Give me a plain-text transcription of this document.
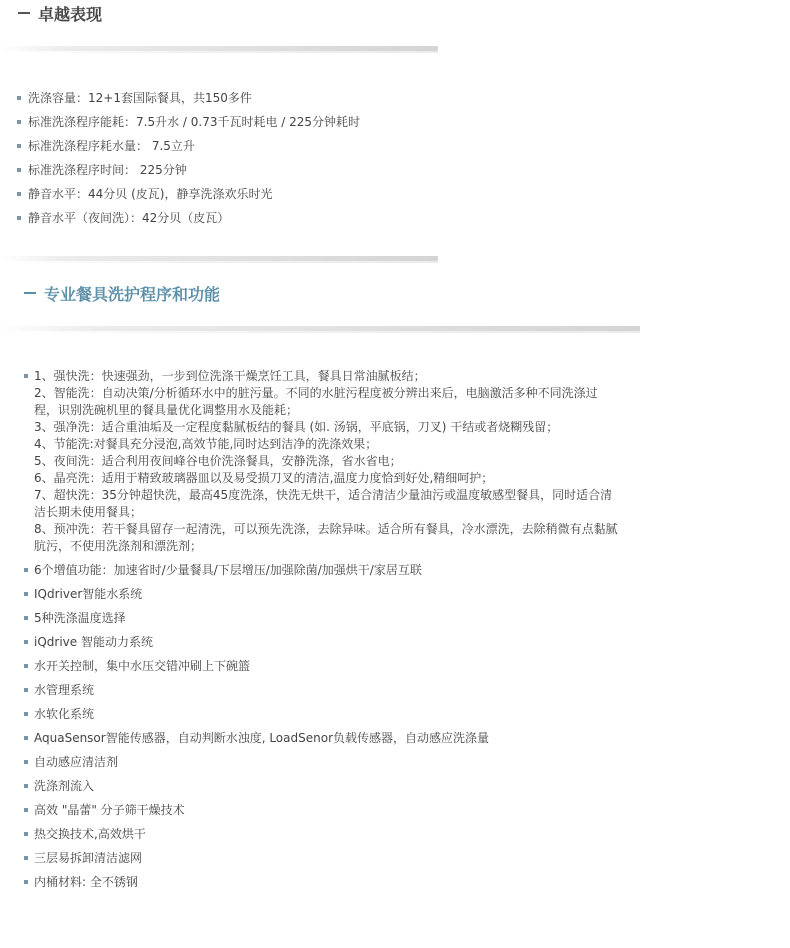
卓越表现
洗涤容量：12+1套国际餐具，共150多件
标准洗涤程序能耗：7.5升水 / 0.73千瓦时耗电 / 225分钟耗时
标准洗涤程序耗水量： 7.5立升
标准洗涤程序时间： 225分钟
静音水平：44分贝 (皮瓦)，静享洗涤欢乐时光
静音水平（夜间洗）：42分贝（皮瓦）
专业餐具洗护程序和功能
1、强快洗：快速强劲，一步到位洗涤干燥烹饪工具，餐具日常油腻板结；
2、智能洗：自动决策/分析循环水中的脏污量。不同的水脏污程度被分辨出来后，电脑激活多种不同洗涤过程，识别洗碗机里的餐具量优化调整用水及能耗；
3、强净洗：适合重油垢及一定程度黏腻板结的餐具 (如. 汤锅，平底锅，刀叉) 干结或者烧糊残留；
4、节能洗:对餐具充分浸泡,高效节能,同时达到洁净的洗涤效果；
5、夜间洗：适合利用夜间峰谷电价洗涤餐具，安静洗涤，省水省电；
6、晶亮洗：适用于精致玻璃器皿以及易受损刀叉的清洁,温度力度恰到好处,精细呵护；
7、超快洗：35分钟超快洗，最高45度洗涤，快洗无烘干，适合清洁少量油污或温度敏感型餐具，同时适合清洁长期未使用餐具；
8、预冲洗：若干餐具留存一起清洗，可以预先洗涤，去除异味。适合所有餐具，冷水漂洗，去除稍微有点黏腻肮污，不使用洗涤剂和漂洗剂；
6个增值功能：加速省时/少量餐具/下层增压/加强除菌/加强烘干/家居互联
IQdriver智能水系统
5种洗涤温度选择
iQdrive 智能动力系统
水开关控制，集中水压交错冲刷上下碗篮
水管理系统
水软化系统
AquaSensor智能传感器，自动判断水浊度, LoadSenor负载传感器，自动感应洗涤量
自动感应清洁剂
洗涤剂流入
高效 "晶蕾" 分子筛干燥技术
热交换技术,高效烘干
三层易拆卸清洁滤网
内桶材料: 全不锈钢
